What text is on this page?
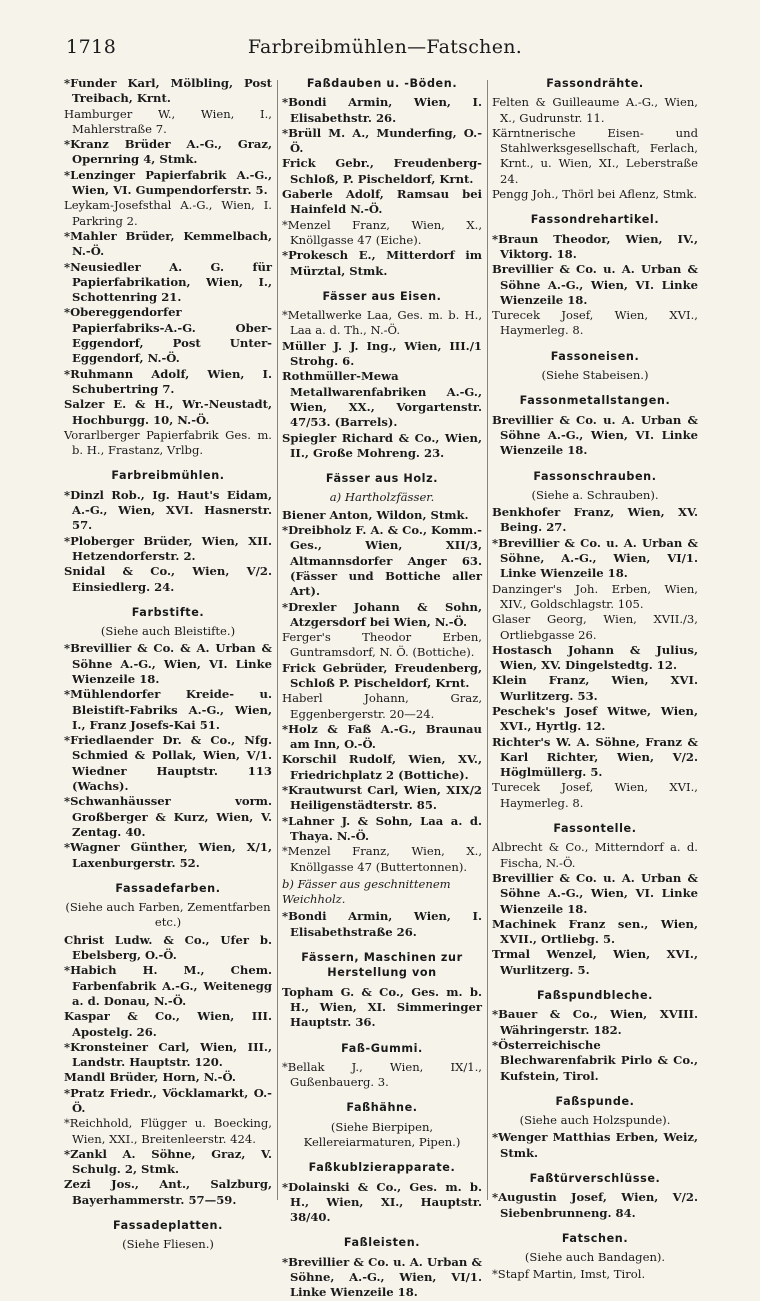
1718	Farbreibmühlen—Fatschen.

*Funder Karl, Mölbling, Post Treibach, Krnt.

Hamburger W., Wien, I., Mahlerstraße 7.

*Kranz Brüder A.-G., Graz, Opernring 4, Stmk.

*Lenzinger Papierfabrik A.-G., Wien, VI. Gumpendorferstr. 5.

Leykam-Josefsthal A.-G., Wien, I. Parkring 2.

*Mahler Brüder, Kemmelbach, N.-Ö.

*Neusiedler A. G. für Papierfabrikation, Wien, I., Schottenring 21.

*Obereggendorfer Papierfabriks-A.-G. Ober-Eggendorf, Post Unter-Eggendorf, N.-Ö.

*Ruhmann Adolf, Wien, I. Schubertring 7.

Salzer E. & H., Wr.-Neustadt, Hochburgg. 10, N.-Ö.

Vorarlberger Papierfabrik Ges. m. b. H., Frastanz, Vrlbg.

Farbreibmühlen.

*Dinzl Rob., Ig. Haut's Eidam, A.-G., Wien, XVI. Hasnerstr. 57.

*Ploberger Brüder, Wien, XII. Hetzendorferstr. 2.

Snidal & Co., Wien, V/2. Einsiedlerg. 24.

Farbstifte.
(Siehe auch Bleistifte.)

*Brevillier & Co. & A. Urban & Söhne A.-G., Wien, VI. Linke Wienzeile 18.

*Mühlendorfer Kreide- u. Bleistift-Fabriks A.-G., Wien, I., Franz Josefs-Kai 51.

*Friedlaender Dr. & Co., Nfg. Schmied & Pollak, Wien, V/1. Wiedner Hauptstr. 113 (Wachs).

*Schwanhäusser vorm. Großberger & Kurz, Wien, V. Zentag. 40.

*Wagner Günther, Wien, X/1, Laxenburgerstr. 52.

Fassadefarben.
(Siehe auch Farben, Zementfarben etc.)

Christ Ludw. & Co., Ufer b. Ebelsberg, O.-Ö.

*Habich H. M., Chem. Farbenfabrik A.-G., Weitenegg a. d. Donau, N.-Ö.

Kaspar & Co., Wien, III. Apostelg. 26.

*Kronsteiner Carl, Wien, III., Landstr. Hauptstr. 120.

Mandl Brüder, Horn, N.-Ö.

*Pratz Friedr., Vöcklamarkt, O.-Ö.

*Reichhold, Flügger u. Boecking, Wien, XXI., Breitenleerstr. 424.

*Zankl A. Söhne, Graz, V. Schulg. 2, Stmk.

Zezi Jos., Ant., Salzburg, Bayerhammerstr. 57—59.

Fassadeplatten.
(Siehe Fliesen.)
Faßdauben u. -Böden.

*Bondi Armin, Wien, I. Elisabethstr. 26.

*Brüll M. A., Munderfing, O.-Ö.

Frick Gebr., Freudenberg-Schloß, P. Pischeldorf, Krnt.

Gaberle Adolf, Ramsau bei Hainfeld N.-Ö.

*Menzel Franz, Wien, X., Knöllgasse 47 (Eiche).

*Prokesch E., Mitterdorf im Mürztal, Stmk.

Fässer aus Eisen.

*Metallwerke Laa, Ges. m. b. H., Laa a. d. Th., N.-Ö.

Müller J. J. Ing., Wien, III./1 Strohg. 6.

Rothmüller-Mewa Metallwarenfabriken A.-G., Wien, XX., Vorgartenstr. 47/53. (Barrels).

Spiegler Richard & Co., Wien, II., Große Mohreng. 23.

Fässer aus Holz.
a) Hartholzfässer.

Biener Anton, Wildon, Stmk.

*Dreibholz F. A. & Co., Komm.-Ges., Wien, XII/3, Altmannsdorfer Anger 63. (Fässer und Bottiche aller Art).

*Drexler Johann & Sohn, Atzgersdorf bei Wien, N.-Ö.

Ferger's Theodor Erben, Guntramsdorf, N. Ö. (Bottiche).

Frick Gebrüder, Freudenberg, Schloß P. Pischeldorf, Krnt.

Haberl Johann, Graz, Eggenbergerstr. 20—24.

*Holz & Faß A.-G., Braunau am Inn, O.-Ö.

Korschil Rudolf, Wien, XV., Friedrichplatz 2 (Bottiche).

*Krautwurst Carl, Wien, XIX/2 Heiligenstädterstr. 85.

*Lahner J. & Sohn, Laa a. d. Thaya. N.-Ö.

*Menzel Franz, Wien, X., Knöllgasse 47 (Buttertonnen).

b) Fässer aus geschnittenem Weichholz.

*Bondi Armin, Wien, I. Elisabethstraße 26.

Fässern, Maschinen zur Herstellung von

Topham G. & Co., Ges. m. b. H., Wien, XI. Simmeringer Hauptstr. 36.

Faß-Gummi.

*Bellak J., Wien, IX/1., Gußenbauerg. 3.

Faßhähne.
(Siehe Bierpipen, Kellereiarmaturen, Pipen.)
Faßkublzierapparate.

*Dolainski & Co., Ges. m. b. H., Wien, XI., Hauptstr. 38/40.

Faßleisten.

*Brevillier & Co. u. A. Urban & Söhne, A.-G., Wien, VI/1. Linke Wienzeile 18.

Fassondrähte.

Felten & Guilleaume A.-G., Wien, X., Gudrunstr. 11.

Kärntnerische Eisen- und Stahlwerksgesellschaft, Ferlach, Krnt., u. Wien, XI., Leberstraße 24.

Pengg Joh., Thörl bei Aflenz, Stmk.

Fassondrehartikel.

*Braun Theodor, Wien, IV., Viktorg. 18.

Brevillier & Co. u. A. Urban & Söhne A.-G., Wien, VI. Linke Wienzeile 18.

Turecek Josef, Wien, XVI., Haymerleg. 8.

Fassoneisen.
(Siehe Stabeisen.)
Fassonmetallstangen.

Brevillier & Co. u. A. Urban & Söhne A.-G., Wien, VI. Linke Wienzeile 18.

Fassonschrauben.
(Siehe a. Schrauben).

Benkhofer Franz, Wien, XV. Being. 27.

*Brevillier & Co. u. A. Urban & Söhne, A.-G., Wien, VI/1. Linke Wienzeile 18.

Danzinger's Joh. Erben, Wien, XIV., Goldschlagstr. 105.

Glaser Georg, Wien, XVII./3, Ortliebgasse 26.

Hostasch Johann & Julius, Wien, XV. Dingelstedtg. 12.

Klein Franz, Wien, XVI. Wurlitzerg. 53.

Peschek's Josef Witwe, Wien, XVI., Hyrtlg. 12.

Richter's W. A. Söhne, Franz & Karl Richter, Wien, V/2. Höglmüllerg. 5.

Turecek Josef, Wien, XVI., Haymerleg. 8.

Fassontelle.

Albrecht & Co., Mitterndorf a. d. Fischa, N.-Ö.

Brevillier & Co. u. A. Urban & Söhne A.-G., Wien, VI. Linke Wienzeile 18.

Machinek Franz sen., Wien, XVII., Ortliebg. 5.

Trmal Wenzel, Wien, XVI., Wurlitzerg. 5.

Faßspundbleche.

*Bauer & Co., Wien, XVIII. Währingerstr. 182.

*Österreichische Blechwarenfabrik Pirlo & Co., Kufstein, Tirol.

Faßspunde.
(Siehe auch Holzspunde).

*Wenger Matthias Erben, Weiz, Stmk.

Faßtürverschlüsse.

*Augustin Josef, Wien, V/2. Siebenbrunneng. 84.

Fatschen.
(Siehe auch Bandagen).

*Stapf Martin, Imst, Tirol.
